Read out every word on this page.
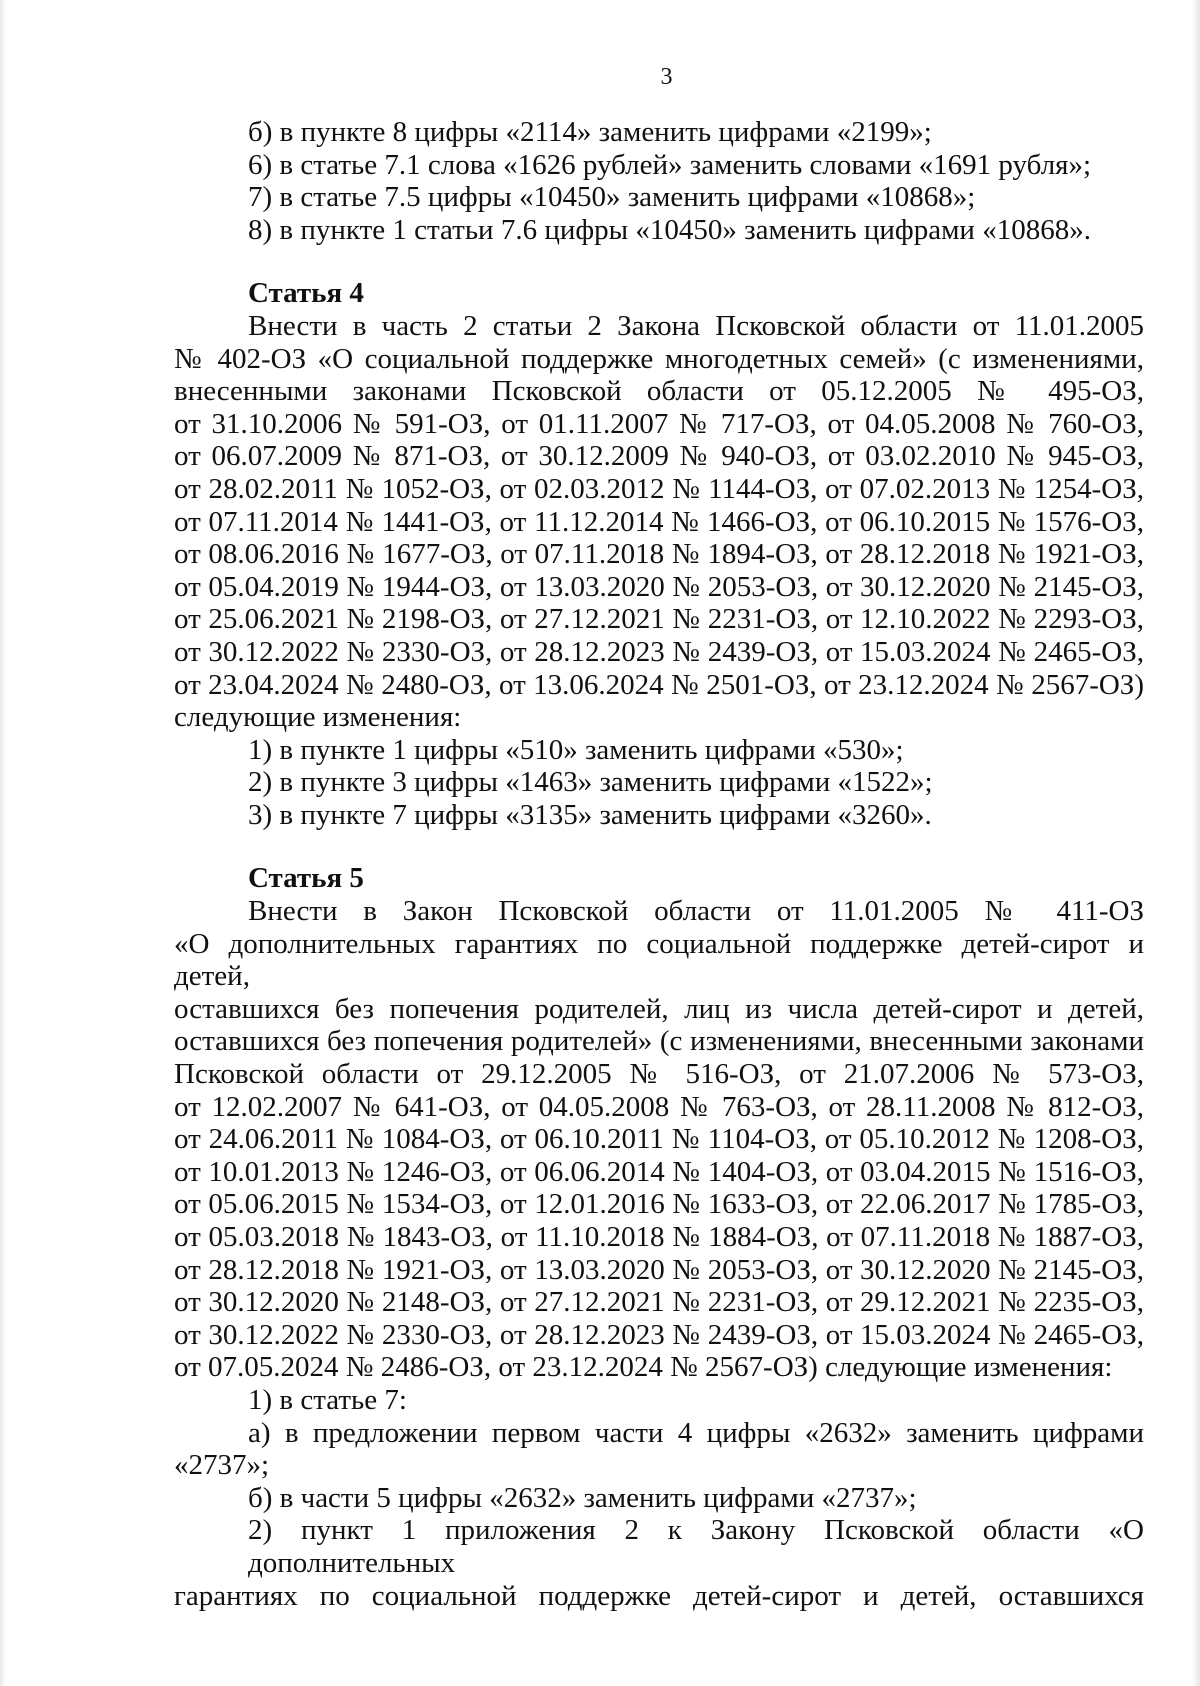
3

б) в пункте 8 цифры «2114» заменить цифрами «2199»;

6) в статье 7.1 слова «1626 рублей» заменить словами «1691 рубля»;

7) в статье 7.5 цифры «10450» заменить цифрами «10868»;

8) в пункте 1 статьи 7.6 цифры «10450» заменить цифрами «10868».

Статья 4

Внести в часть 2 статьи 2 Закона Псковской области от 11.01.2005

№ 402-ОЗ «О социальной поддержке многодетных семей» (с изменениями,

внесенными законами Псковской области от 05.12.2005 № 495-ОЗ,

от 31.10.2006 № 591-ОЗ, от 01.11.2007 № 717-ОЗ, от 04.05.2008 № 760-ОЗ,

от 06.07.2009 № 871-ОЗ, от 30.12.2009 № 940-ОЗ, от 03.02.2010 № 945-ОЗ,

от 28.02.2011 № 1052-ОЗ, от 02.03.2012 № 1144-ОЗ, от 07.02.2013 № 1254-ОЗ,

от 07.11.2014 № 1441-ОЗ, от 11.12.2014 № 1466-ОЗ, от 06.10.2015 № 1576-ОЗ,

от 08.06.2016 № 1677-ОЗ, от 07.11.2018 № 1894-ОЗ, от 28.12.2018 № 1921-ОЗ,

от 05.04.2019 № 1944-ОЗ, от 13.03.2020 № 2053-ОЗ, от 30.12.2020 № 2145-ОЗ,

от 25.06.2021 № 2198-ОЗ, от 27.12.2021 № 2231-ОЗ, от 12.10.2022 № 2293-ОЗ,

от 30.12.2022 № 2330-ОЗ, от 28.12.2023 № 2439-ОЗ, от 15.03.2024 № 2465-ОЗ,

от 23.04.2024 № 2480-ОЗ, от 13.06.2024 № 2501-ОЗ, от 23.12.2024 № 2567-ОЗ)

следующие изменения:

1) в пункте 1 цифры «510» заменить цифрами «530»;

2) в пункте 3 цифры «1463» заменить цифрами «1522»;

3) в пункте 7 цифры «3135» заменить цифрами «3260».

Статья 5

Внести в Закон Псковской области от 11.01.2005 № 411-ОЗ

«О дополнительных гарантиях по социальной поддержке детей-сирот и детей,

оставшихся без попечения родителей, лиц из числа детей-сирот и детей,

оставшихся без попечения родителей» (с изменениями, внесенными законами

Псковской области от 29.12.2005 № 516-ОЗ, от 21.07.2006 № 573-ОЗ,

от 12.02.2007 № 641-ОЗ, от 04.05.2008 № 763-ОЗ, от 28.11.2008 № 812-ОЗ,

от 24.06.2011 № 1084-ОЗ, от 06.10.2011 № 1104-ОЗ, от 05.10.2012 № 1208-ОЗ,

от 10.01.2013 № 1246-ОЗ, от 06.06.2014 № 1404-ОЗ, от 03.04.2015 № 1516-ОЗ,

от 05.06.2015 № 1534-ОЗ, от 12.01.2016 № 1633-ОЗ, от 22.06.2017 № 1785-ОЗ,

от 05.03.2018 № 1843-ОЗ, от 11.10.2018 № 1884-ОЗ, от 07.11.2018 № 1887-ОЗ,

от 28.12.2018 № 1921-ОЗ, от 13.03.2020 № 2053-ОЗ, от 30.12.2020 № 2145-ОЗ,

от 30.12.2020 № 2148-ОЗ, от 27.12.2021 № 2231-ОЗ, от 29.12.2021 № 2235-ОЗ,

от 30.12.2022 № 2330-ОЗ, от 28.12.2023 № 2439-ОЗ, от 15.03.2024 № 2465-ОЗ,

от 07.05.2024 № 2486-ОЗ, от 23.12.2024 № 2567-ОЗ) следующие изменения:

1) в статье 7:

а) в предложении первом части 4 цифры «2632» заменить цифрами

«2737»;

б) в части 5 цифры «2632» заменить цифрами «2737»;

2) пункт 1 приложения 2 к Закону Псковской области «О дополнительных

гарантиях по социальной поддержке детей-сирот и детей, оставшихся
